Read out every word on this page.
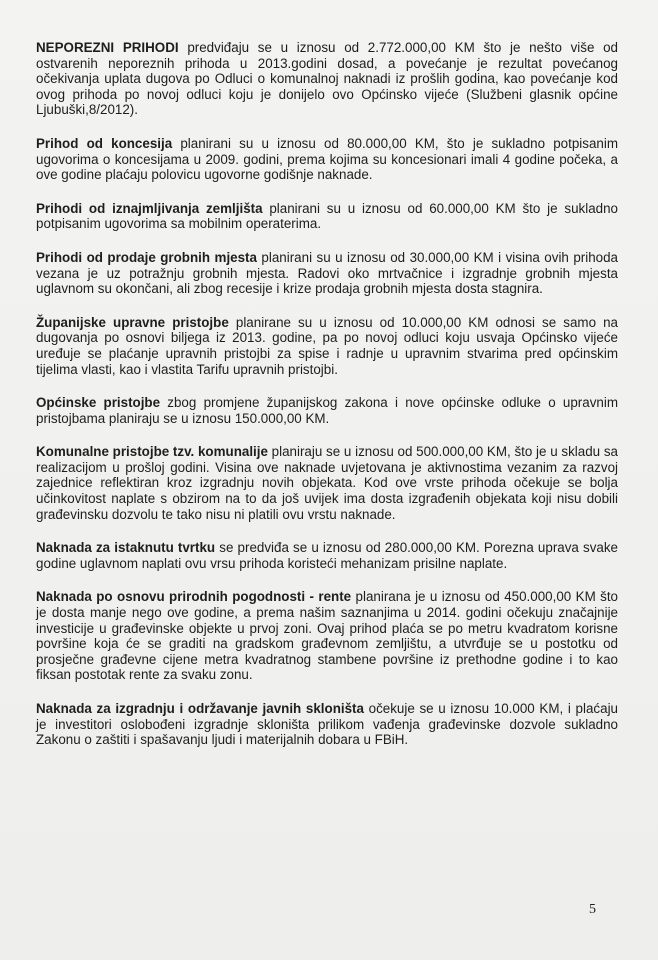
NEPOREZNI PRIHODI predviđaju se u iznosu od 2.772.000,00 KM što je nešto više od ostvarenih neporeznih prihoda u 2013.godini dosad, a povećanje je rezultat povećanog očekivanja uplata dugova po Odluci o komunalnoj naknadi iz prošlih godina, kao povećanje kod ovog prihoda po novoj odluci koju je donijelo ovo Općinsko vijeće (Službeni glasnik općine Ljubuški,8/2012).

Prihod od koncesija planirani su u iznosu od 80.000,00 KM, što je sukladno potpisanim ugovorima o koncesijama u 2009. godini, prema kojima su koncesionari imali 4 godine počeka, a ove godine plaćaju polovicu ugovorne godišnje naknade.

Prihodi od iznajmljivanja zemljišta planirani su u iznosu od 60.000,00 KM što je sukladno potpisanim ugovorima sa mobilnim operaterima.

Prihodi od prodaje grobnih mjesta planirani su u iznosu od 30.000,00 KM i visina ovih prihoda vezana je uz potražnju grobnih mjesta. Radovi oko mrtvačnice i izgradnje grobnih mjesta uglavnom su okončani, ali zbog recesije i krize prodaja grobnih mjesta dosta stagnira.

Županijske upravne pristojbe planirane su u iznosu od 10.000,00 KM odnosi se samo na dugovanja po osnovi biljega iz 2013. godine, pa po novoj odluci koju usvaja Općinsko vijeće uređuje se plaćanje upravnih pristojbi za spise i radnje u upravnim stvarima pred općinskim tijelima vlasti, kao i vlastita Tarifu upravnih pristojbi.

Općinske pristojbe zbog promjene županijskog zakona i nove općinske odluke o upravnim pristojbama planiraju se u iznosu 150.000,00 KM.

Komunalne pristojbe tzv. komunalije planiraju se u iznosu od 500.000,00 KM, što je u skladu sa realizacijom u prošloj godini. Visina ove naknade uvjetovana je aktivnostima vezanim za razvoj zajednice reflektiran kroz izgradnju novih objekata. Kod ove vrste prihoda očekuje se bolja učinkovitost naplate s obzirom na to da još uvijek ima dosta izgrađenih objekata koji nisu dobili građevinsku dozvolu te tako nisu ni platili ovu vrstu naknade.

Naknada za istaknutu tvrtku se predviđa se u iznosu od 280.000,00 KM. Porezna uprava svake godine uglavnom naplati ovu vrsu prihoda koristeći mehanizam prisilne naplate.

Naknada po osnovu prirodnih pogodnosti - rente planirana je u iznosu od 450.000,00 KM što je dosta manje nego ove godine, a prema našim saznanjima u 2014. godini očekuju značajnije investicije u građevinske objekte u prvoj zoni. Ovaj prihod plaća se po metru kvadratom korisne površine koja će se graditi na gradskom građevnom zemljištu, a utvrđuje se u postotku od prosječne građevne cijene metra kvadratnog stambene površine iz prethodne godine i to kao fiksan postotak rente za svaku zonu.

Naknada za izgradnju i održavanje javnih skloništa očekuje se u iznosu 10.000 KM, i plaćaju je investitori oslobođeni izgradnje skloništa prilikom vađenja građevinske dozvole sukladno Zakonu o zaštiti i spašavanju ljudi i materijalnih dobara u FBiH.

5
